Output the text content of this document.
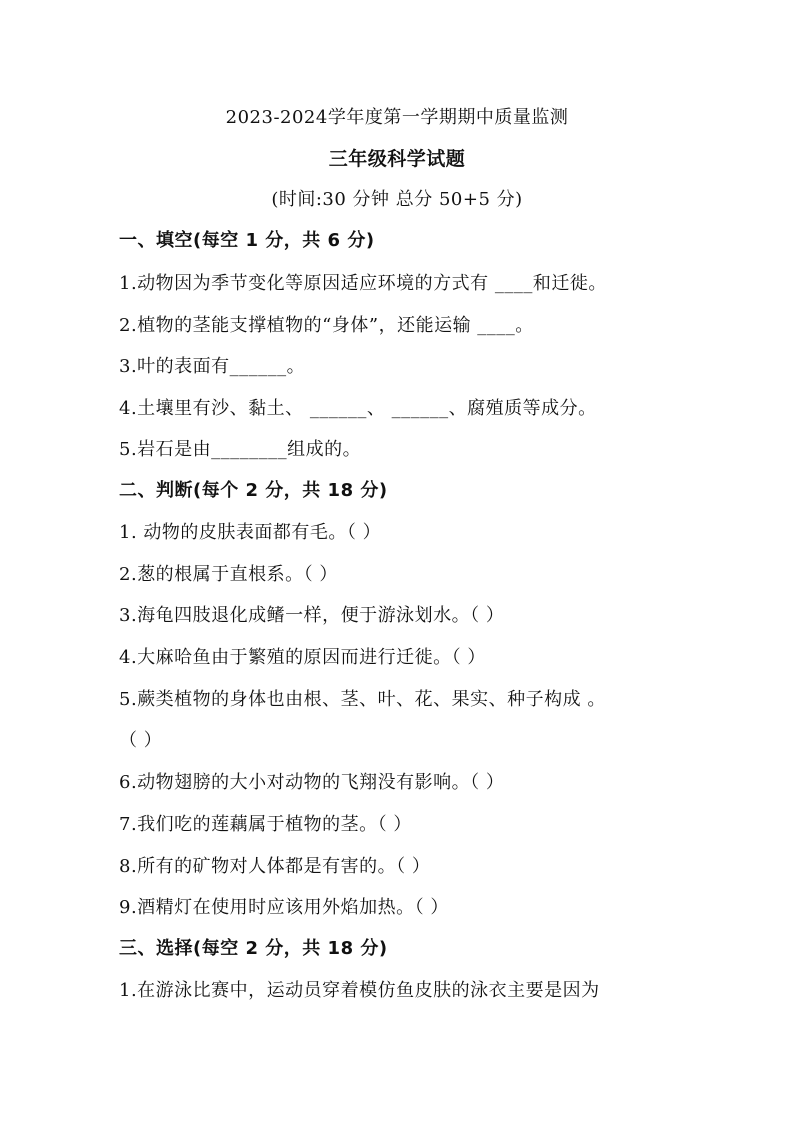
2023-2024学年度第一学期期中质量监测
三年级科学试题
(时间:30 分钟 总分 50+5 分)
一、填空(每空 1 分，共 6 分)
1.动物因为季节变化等原因适应环境的方式有 ____和迁徙。
2.植物的茎能支撑植物的“身体”，还能运输 ____。
3.叶的表面有______。
4.土壤里有沙、黏土、 ______、 ______、腐殖质等成分。
5.岩石是由________组成的。
二、判断(每个 2 分，共 18 分)
1. 动物的皮肤表面都有毛。（ ）
2.葱的根属于直根系。（ ）
3.海龟四肢退化成鳍一样，便于游泳划水。（ ）
4.大麻哈鱼由于繁殖的原因而进行迁徙。（ ）
5.蕨类植物的身体也由根、茎、叶、花、果实、种子构成 。
（ ）
6.动物翅膀的大小对动物的飞翔没有影响。（ ）
7.我们吃的莲藕属于植物的茎。（ ）
8.所有的矿物对人体都是有害的。（ ）
9.酒精灯在使用时应该用外焰加热。（ ）
三、选择(每空 2 分，共 18 分)
1.在游泳比赛中，运动员穿着模仿鱼皮肤的泳衣主要是因为
